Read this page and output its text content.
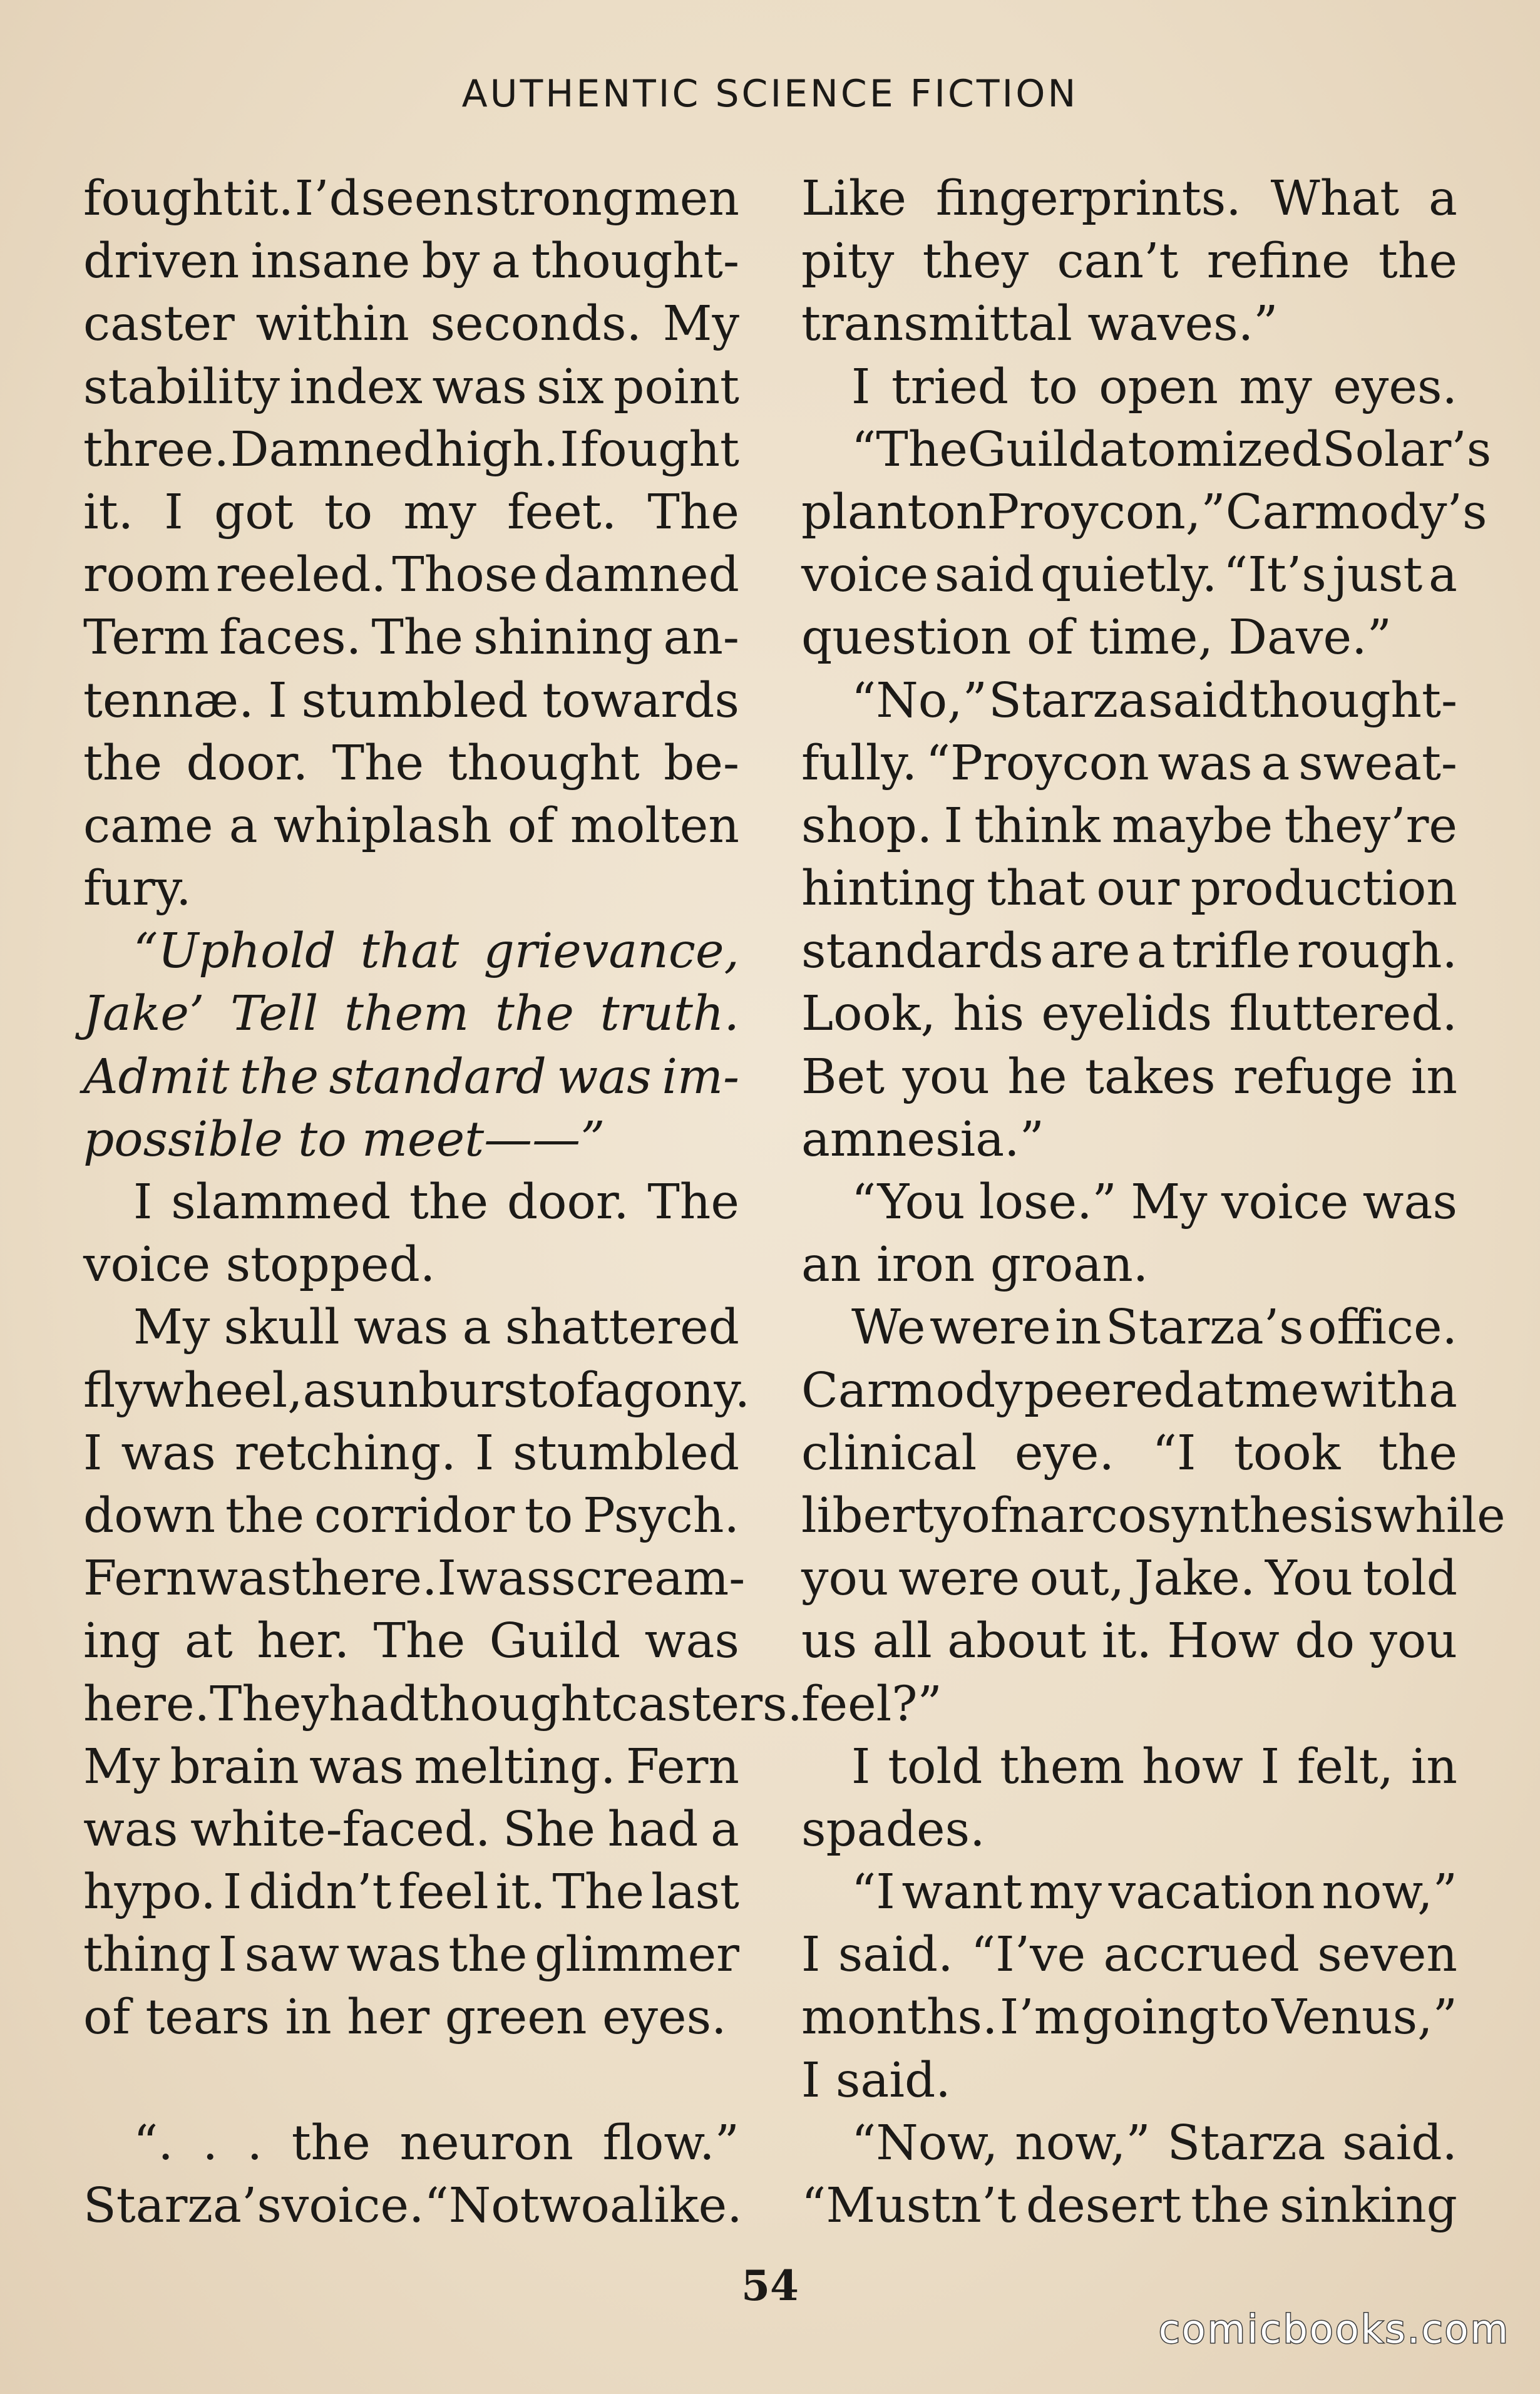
AUTHENTIC SCIENCE FICTION
fought it. I’d seen strong men
driven insane by a thought-
caster within seconds. My
stability index was six point
three. Damned high. I fought
it. I got to my feet. The
room reeled. Those damned
Term faces. The shining an-
tennæ. I stumbled towards
the door. The thought be-
came a whiplash of molten
fury.
“Uphold that grievance,
Jake’ Tell them the truth.
Admit the standard was im-
possible to meet——”
I slammed the door. The
voice stopped.
My skull was a shattered
flywheel, a sunburst of agony.
I was retching. I stumbled
down the corridor to Psych.
Fern was there. I was scream-
ing at her. The Guild was
here. They had thoughtcasters.
My brain was melting. Fern
was white-faced. She had a
hypo. I didn’t feel it. The last
thing I saw was the glimmer
of tears in her green eyes.
“. . . the neuron flow.”
Starza’s voice. “No two alike.
Like fingerprints. What a
pity they can’t refine the
transmittal waves.”
I tried to open my eyes.
“The Guild atomized Solar’s
plant on Proycon,” Carmody’s
voice said quietly. “It’s just a
question of time, Dave.”
“No,” Starza said thought-
fully. “Proycon was a sweat-
shop. I think maybe they’re
hinting that our production
standards are a trifle rough.
Look, his eyelids fluttered.
Bet you he takes refuge in
amnesia.”
“You lose.” My voice was
an iron groan.
We were in Starza’s office.
Carmody peered at me with a
clinical eye. “I took the
liberty of narcosynthesis while
you were out, Jake. You told
us all about it. How do you
feel?”
I told them how I felt, in
spades.
“I want my vacation now,”
I said. “I’ve accrued seven
months. I’m going to Venus,”
I said.
“Now, now,” Starza said.
“Mustn’t desert the sinking
54
comicbooks.com
